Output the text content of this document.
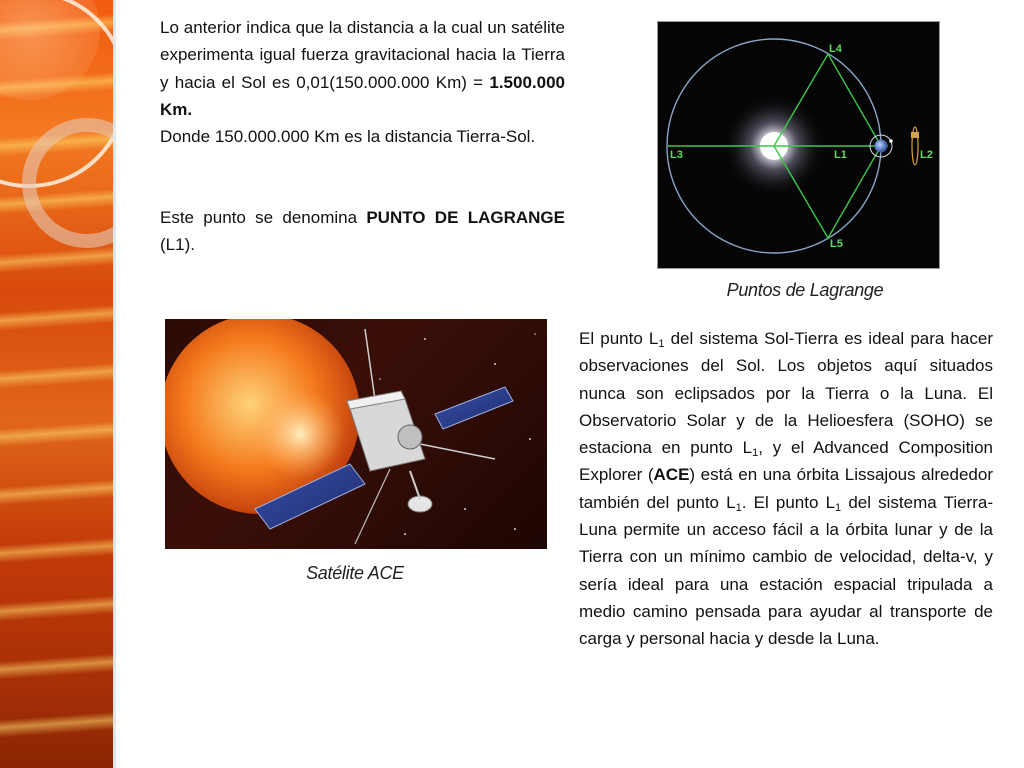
Lo anterior indica que la distancia a la cual un satélite experimenta igual fuerza gravitacional hacia la Tierra y hacia el Sol es 0,01(150.000.000 Km) = 1.500.000 Km.
Donde 150.000.000 Km es la distancia Tierra-Sol.

Este punto se denomina PUNTO DE LAGRANGE (L1).

L4
L5
L3	L1	L2
Puntos de Lagrange
Satélite ACE

El punto $L_1$ del sistema Sol-Tierra es ideal para hacer observaciones del Sol. Los objetos aquí situados nunca son eclipsados por la Tierra o la Luna. El Observatorio Solar y de la Helioesfera (SOHO) se estaciona en punto $L_1$, y el Advanced Composition Explorer (ACE) está en una órbita Lissajous alrededor también del punto $L_1$. El punto $L_1$ del sistema Tierra-Luna permite un acceso fácil a la órbita lunar y de la Tierra con un mínimo cambio de velocidad, delta-v, y sería ideal para una estación espacial tripulada a medio camino pensada para ayudar al transporte de carga y personal hacia y desde la Luna.
